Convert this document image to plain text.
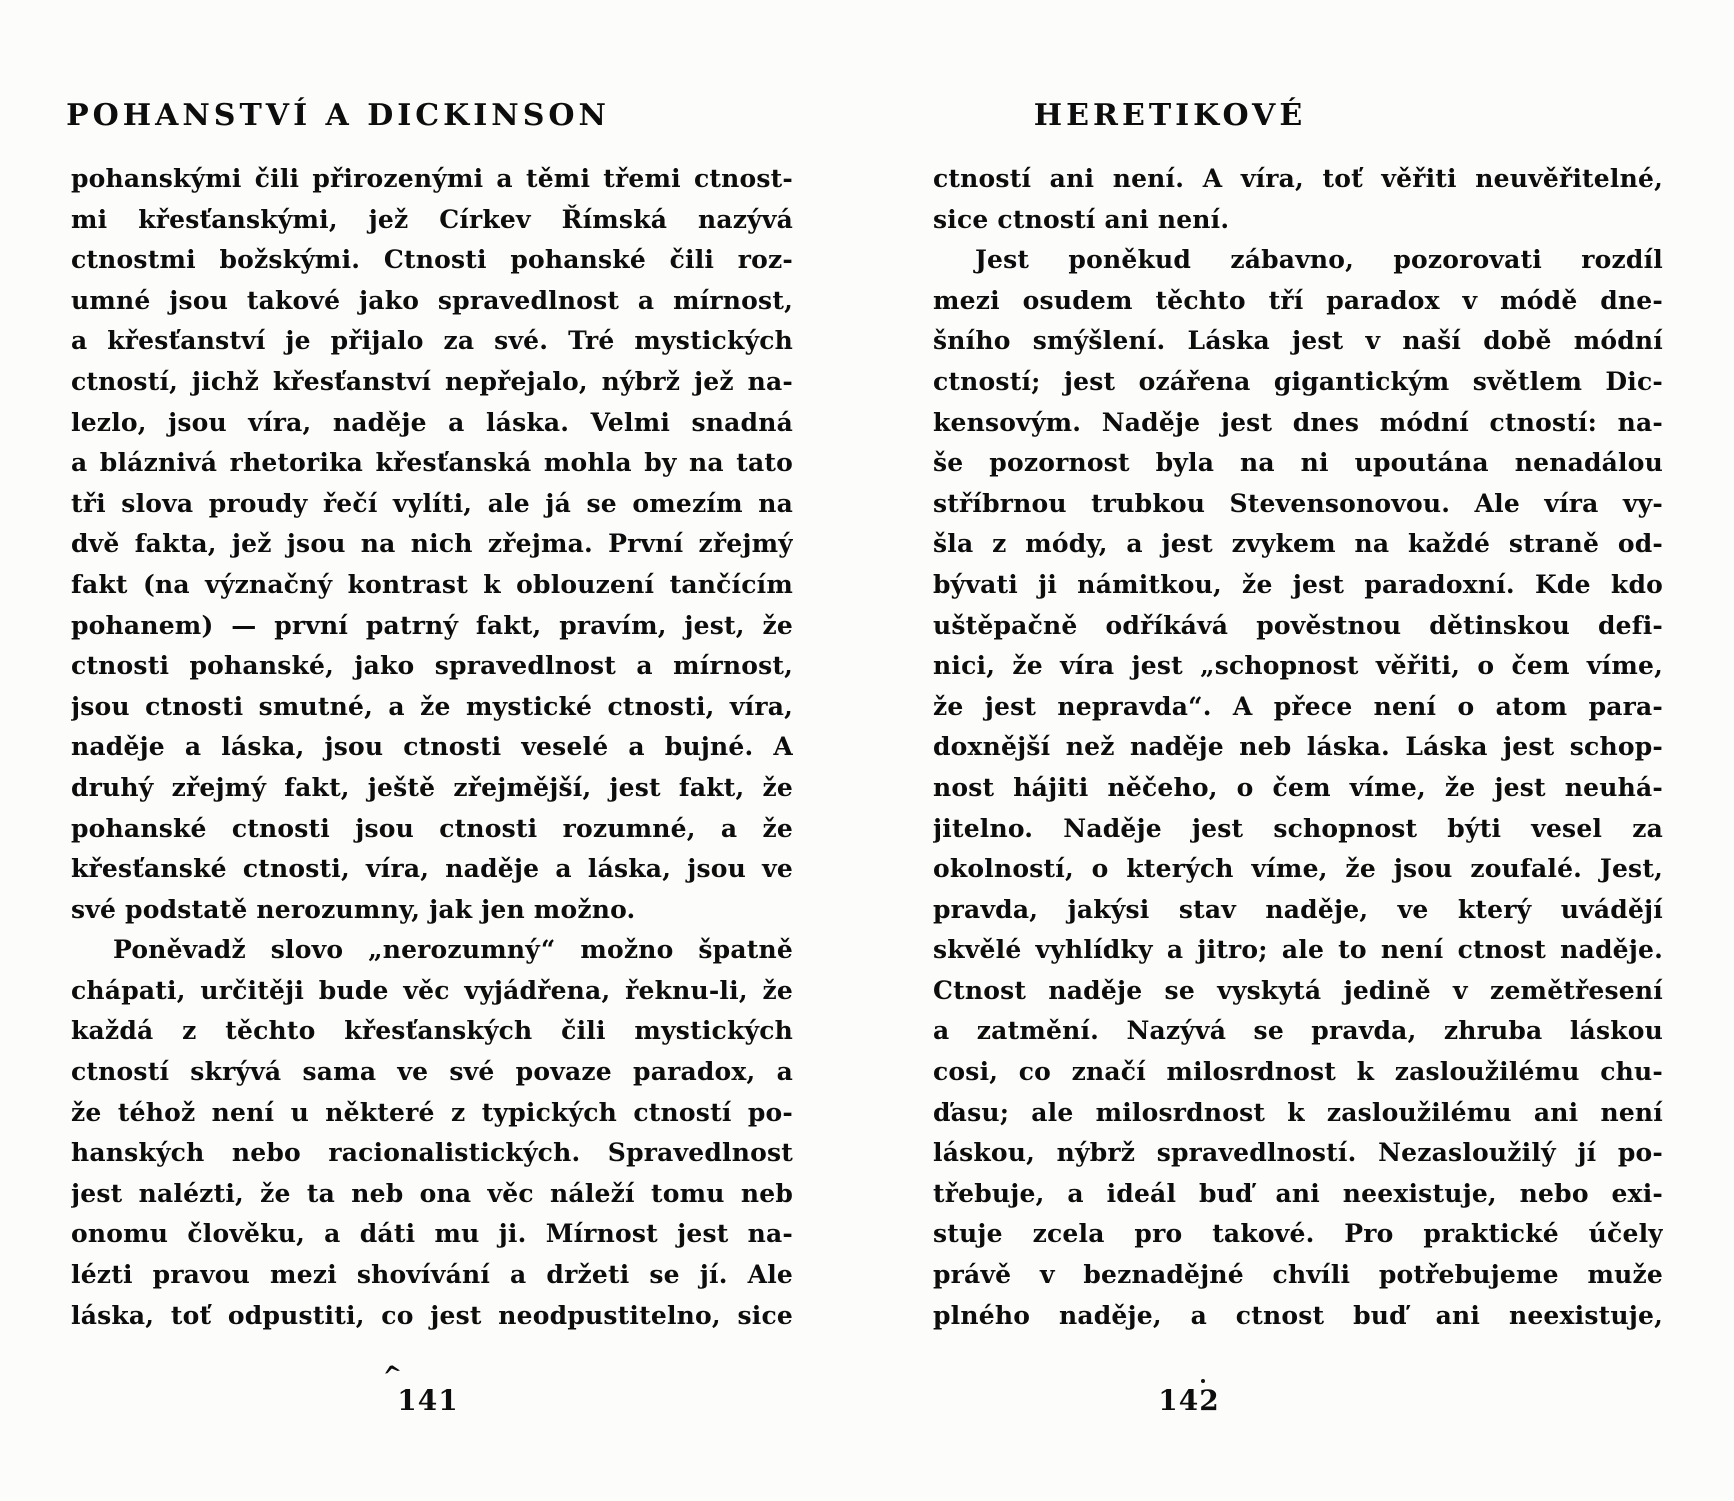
POHANSTVÍ A DICKINSON
pohanskými čili přirozenými a těmi třemi ctnost-
mi křesťanskými, jež Církev Římská nazývá
ctnostmi božskými. Ctnosti pohanské čili roz-
umné jsou takové jako spravedlnost a mírnost,
a křesťanství je přijalo za své. Tré mystických
ctností, jichž křesťanství nepřejalo, nýbrž jež na-
lezlo, jsou víra, naděje a láska. Velmi snadná
a bláznivá rhetorika křesťanská mohla by na tato
tři slova proudy řečí vylíti, ale já se omezím na
dvě fakta, jež jsou na nich zřejma. První zřejmý
fakt (na význačný kontrast k oblouzení tančícím
pohanem) — první patrný fakt, pravím, jest, že
ctnosti pohanské, jako spravedlnost a mírnost,
jsou ctnosti smutné, a že mystické ctnosti, víra,
naděje a láska, jsou ctnosti veselé a bujné. A
druhý zřejmý fakt, ještě zřejmější, jest fakt, že
pohanské ctnosti jsou ctnosti rozumné, a že
křesťanské ctnosti, víra, naděje a láska, jsou ve
své podstatě nerozumny, jak jen možno.
Poněvadž slovo „nerozumný“ možno špatně
chápati, určitěji bude věc vyjádřena, řeknu-li, že
každá z těchto křesťanských čili mystických
ctností skrývá sama ve své povaze paradox, a
že téhož není u některé z typických ctností po-
hanských nebo racionalistických. Spravedlnost
jest nalézti, že ta neb ona věc náleží tomu neb
onomu člověku, a dáti mu ji. Mírnost jest na-
lézti pravou mezi shovívání a držeti se jí. Ale
láska, toť odpustiti, co jest neodpustitelno, sice
HERETIKOVÉ
ctností ani není. A víra, toť věřiti neuvěřitelné,
sice ctností ani není.
Jest poněkud zábavno, pozorovati rozdíl
mezi osudem těchto tří paradox v módě dne-
šního smýšlení. Láska jest v naší době módní
ctností; jest ozářena gigantickým světlem Dic-
kensovým. Naděje jest dnes módní ctností: na-
še pozornost byla na ni upoutána nenadálou
stříbrnou trubkou Stevensonovou. Ale víra vy-
šla z módy, a jest zvykem na každé straně od-
bývati ji námitkou, že jest paradoxní. Kde kdo
uštěpačně odříkává pověstnou dětinskou defi-
nici, že víra jest „schopnost věřiti, o čem víme,
že jest nepravda“. A přece není o atom para-
doxnější než naděje neb láska. Láska jest schop-
nost hájiti něčeho, o čem víme, že jest neuhá-
jitelno. Naděje jest schopnost býti vesel za
okolností, o kterých víme, že jsou zoufalé. Jest,
pravda, jakýsi stav naděje, ve který uvádějí
skvělé vyhlídky a jitro; ale to není ctnost naděje.
Ctnost naděje se vyskytá jedině v zemětřesení
a zatmění. Nazývá se pravda, zhruba láskou
cosi, co značí milosrdnost k zasloužilému chu-
ďasu; ale milosrdnost k zasloužilému ani není
láskou, nýbrž spravedlností. Nezasloužilý jí po-
třebuje, a ideál buď ani neexistuje, nebo exi-
stuje zcela pro takové. Pro praktické účely
právě v beznadějné chvíli potřebujeme muže
plného naděje, a ctnost buď ani neexistuje,
141	142
^
